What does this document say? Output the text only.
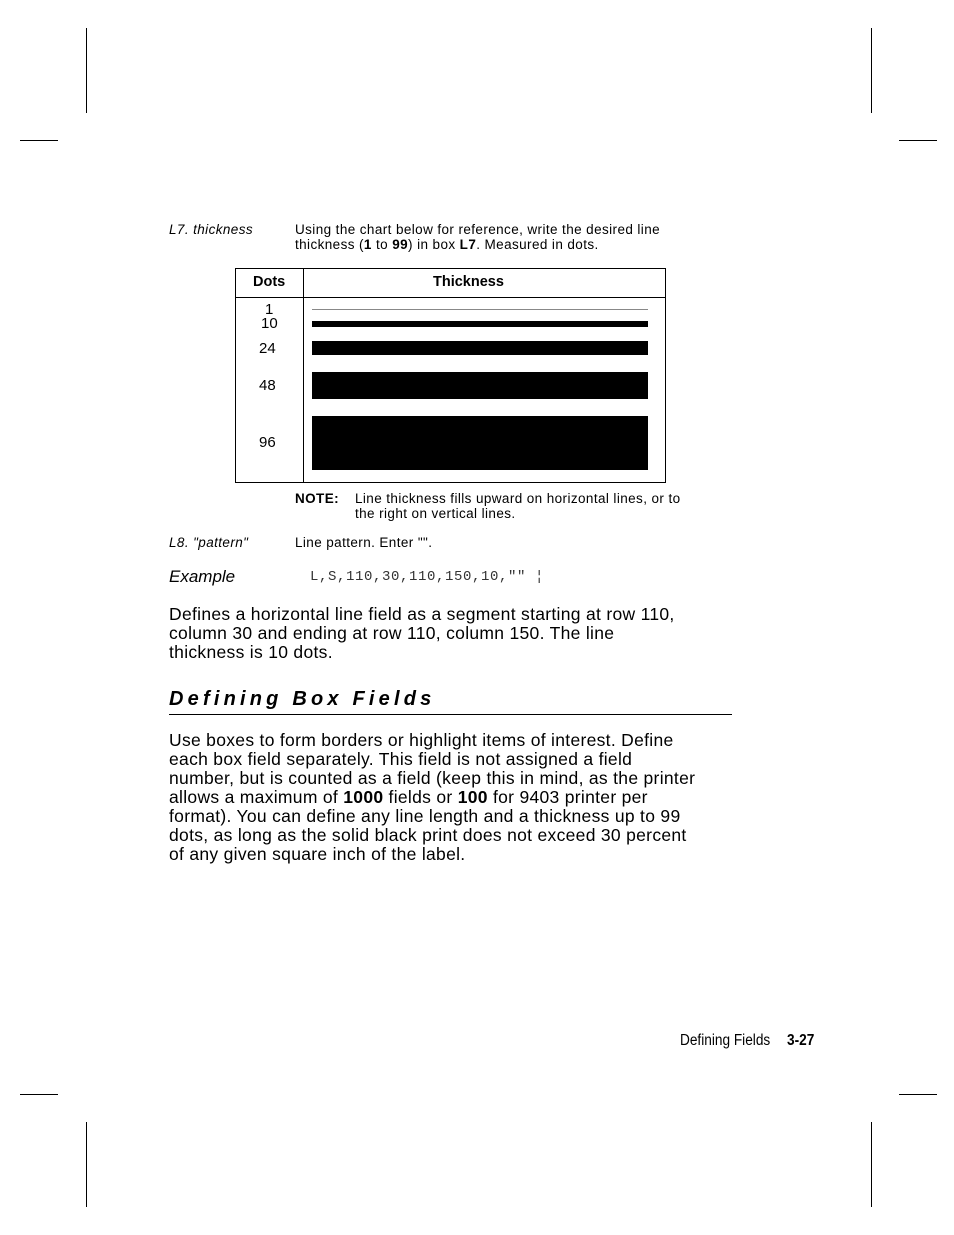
L7. thickness	Using the chart below for reference, write the desired line
thickness (1 to 99) in box L7. Measured in dots.
Dots	Thickness
1
10
24
48
96
NOTE: Line thickness fills upward on horizontal lines, or to
the right on vertical lines.
L8. "pattern"	Line pattern. Enter "".
Example	L,S,110,30,110,150,10,"" ¦
Defines a horizontal line field as a segment starting at row 110,
column 30 and ending at row 110, column 150. The line
thickness is 10 dots.
Defining Box Fields
Use boxes to form borders or highlight items of interest. Define
each box field separately. This field is not assigned a field
number, but is counted as a field (keep this in mind, as the printer
allows a maximum of 1000 fields or 100 for 9403 printer per
format). You can define any line length and a thickness up to 99
dots, as long as the solid black print does not exceed 30 percent
of any given square inch of the label.
Defining Fields 3-27
